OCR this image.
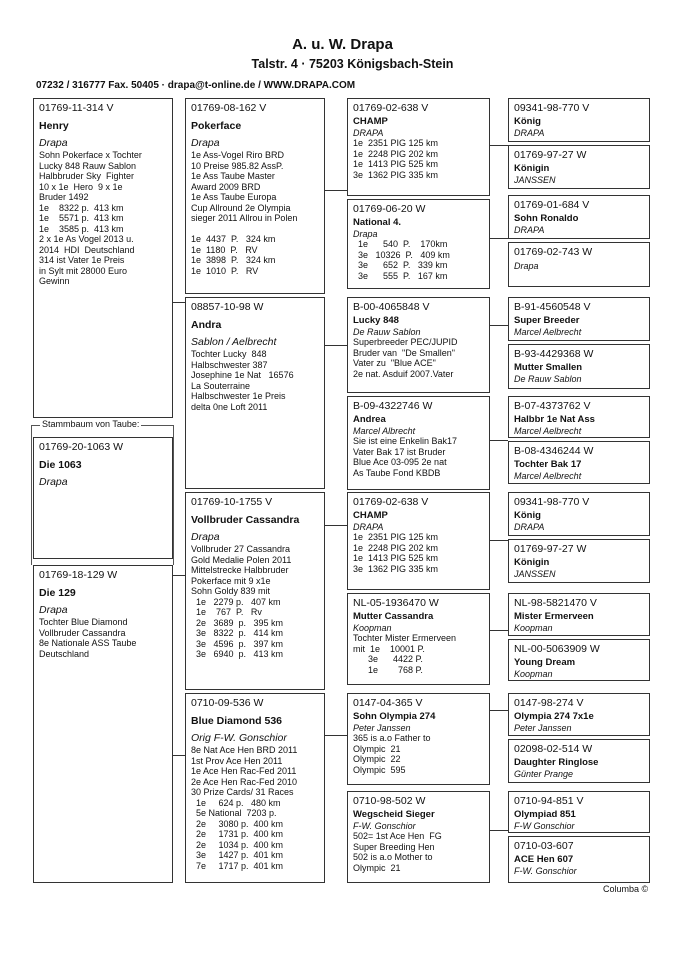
A. u. W. Drapa
Talstr. 4 · 75203 Königsbach-Stein
07232 / 316777 Fax. 50405 · drapa@t-online.de / WWW.DRAPA.COM
Stammbaum von Taube:
01769-11-314 V
Henry
Drapa
Sohn Pokerface x Tochter
Lucky 848 Rauw Sablon
Halbbruder Sky  Fighter
10 x 1e  Hero  9 x 1e
Bruder 1492
1e    8322 p.  413 km
1e    5571 p.  413 km
1e    3585 p.  413 km
2 x 1e As Vogel 2013 u.
2014  HDI  Deutschland
314 ist Vater 1e Preis
in Sylt mit 28000 Euro
Gewinn
01769-20-1063 W
Die 1063
Drapa
01769-18-129 W
Die 129
Drapa
Tochter Blue Diamond
Vollbruder Cassandra
8e Nationale ASS Taube
Deutschland
01769-08-162 V
Pokerface
Drapa
1e Ass-Vogel Riro BRD
10 Preise 985.82 AssP.
1e Ass Taube Master
Award 2009 BRD
1e Ass Taube Europa
Cup Allround 2e Olympia
sieger 2011 Allrou in Polen

1e  4437  P.   324 km
1e  1180  P.   RV
1e  3898  P.   324 km
1e  1010  P.   RV
08857-10-98 W
Andra
Sablon / Aelbrecht
Tochter Lucky  848
Halbschwester 387
Josephine 1e Nat   16576
La Souterraine
Halbschwester 1e Preis
delta 0ne Loft 2011
01769-10-1755 V
Vollbruder Cassandra
Drapa
Vollbruder 27 Cassandra
Gold Medalie Polen 2011
Mittelstrecke Halbbruder
Pokerface mit 9 x1e
Sohn Goldy 839 mit
1e   2279 p.   407 km
1e    767  P.   Rv
2e   3689  p.   395 km
3e   8322  p.   414 km
3e   4596  p.   397 km
3e   6940  p.   413 km
0710-09-536 W
Blue Diamond 536
Orig F-W. Gonschior
8e Nat Ace Hen BRD 2011
1st Prov Ace Hen 2011
1e Ace Hen Rac-Fed 2011
2e Ace Hen Rac-Fed 2010
30 Prize Cards/ 31 Races
1e     624 p.   480 km
5e National  7203 p.
2e     3080 p.  400 km
2e     1731 p.  400 km
2e     1034 p.  400 km
3e     1427 p.  401 km
7e     1717 p.  401 km
01769-02-638 V
CHAMP
DRAPA
1e  2351 PIG 125 km
1e  2248 PIG 202 km
1e  1413 PIG 525 km
3e  1362 PIG 335 km
01769-06-20 W
National 4.
Drapa
1e      540  P.    170km
3e   10326  P.   409 km
3e      652  P.   339 km
3e      555  P.   167 km
B-00-4065848 V
Lucky 848
De Rauw Sablon
Superbreeder PEC/JUPID
Bruder van  "De Smallen"
Vater zu  "Blue ACE"
2e nat. Asduif 2007.Vater
B-09-4322746 W
Andrea
Marcel Albrecht
Sie ist eine Enkelin Bak17
Vater Bak 17 ist Bruder
Blue Ace 03-095 2e nat
As Taube Fond KBDB
01769-02-638 V
CHAMP
DRAPA
1e  2351 PIG 125 km
1e  2248 PIG 202 km
1e  1413 PIG 525 km
3e  1362 PIG 335 km
NL-05-1936470 W
Mutter Cassandra
Koopman
Tochter Mister Ermerveen
mit  1e    10001 P.
3e      4422 P.
1e        768 P.
0147-04-365 V
Sohn Olympia 274
Peter Janssen
365 is a.o Father to
Olympic  21
Olympic  22
Olympic  595
0710-98-502 W
Wegscheid Sieger
F-W. Gonschior
502= 1st Ace Hen  FG
Super Breeding Hen
502 is a.o Mother to
Olympic  21
09341-98-770 V
König
DRAPA
01769-97-27 W
Königin
JANSSEN
01769-01-684 V
Sohn Ronaldo
DRAPA
01769-02-743 W
Drapa
B-91-4560548 V
Super Breeder
Marcel Aelbrecht
B-93-4429368 W
Mutter Smallen
De Rauw Sablon
B-07-4373762 V
Halbbr 1e Nat Ass
Marcel Aelbrecht
B-08-4346244 W
Tochter Bak 17
Marcel Aelbrecht
09341-98-770 V
König
DRAPA
01769-97-27 W
Königin
JANSSEN
NL-98-5821470 V
Mister Ermerveen
Koopman
NL-00-5063909 W
Young Dream
Koopman
0147-98-274 V
Olympia 274 7x1e
Peter Janssen
02098-02-514 W
Daughter Ringlose
Günter Prange
0710-94-851 V
Olympiad 851
F-W Gonschior
0710-03-607
ACE Hen 607
F-W. Gonschior
Columba ©
